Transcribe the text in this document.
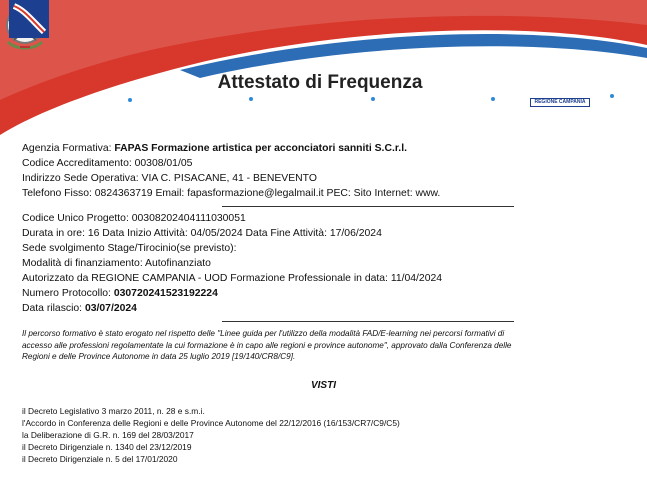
Attestato di Frequenza
REGIONE CAMPANIA
Agenzia Formativa: FAPAS Formazione artistica per acconciatori sanniti S.C.r.l.
Codice Accreditamento: 00308/01/05
Indirizzo Sede Operativa: VIA C. PISACANE, 41 - BENEVENTO
Telefono Fisso: 0824363719 Email: fapasformazione@legalmail.it PEC: Sito Internet: www.
Codice Unico Progetto: 00308202404111030051
Durata in ore: 16 Data Inizio Attività: 04/05/2024 Data Fine Attività: 17/06/2024
Sede svolgimento Stage/Tirocinio(se previsto):
Modalità di finanziamento: Autofinanziato
Autorizzato da REGIONE CAMPANIA - UOD Formazione Professionale in data: 11/04/2024
Numero Protocollo: 030720241523192224
Data rilascio: 03/07/2024
Il percorso formativo è stato erogato nel rispetto delle "Linee guida per l'utilizzo della modalità FAD/E-learning nei percorsi formativi di
accesso alle professioni regolamentate la cui formazione è in capo alle regioni e province autonome", approvato dalla Conferenza delle
Regioni e delle Province Autonome in data 25 luglio 2019 [19/140/CR8/C9].
VISTI
il Decreto Legislativo 3 marzo 2011, n. 28 e s.m.i.
l'Accordo in Conferenza delle Regioni e delle Province Autonome del 22/12/2016 (16/153/CR7/C9/C5)
la Deliberazione di G.R. n. 169 del 28/03/2017
il Decreto Dirigenziale n. 1340 del 23/12/2019
il Decreto Dirigenziale n. 5 del 17/01/2020
